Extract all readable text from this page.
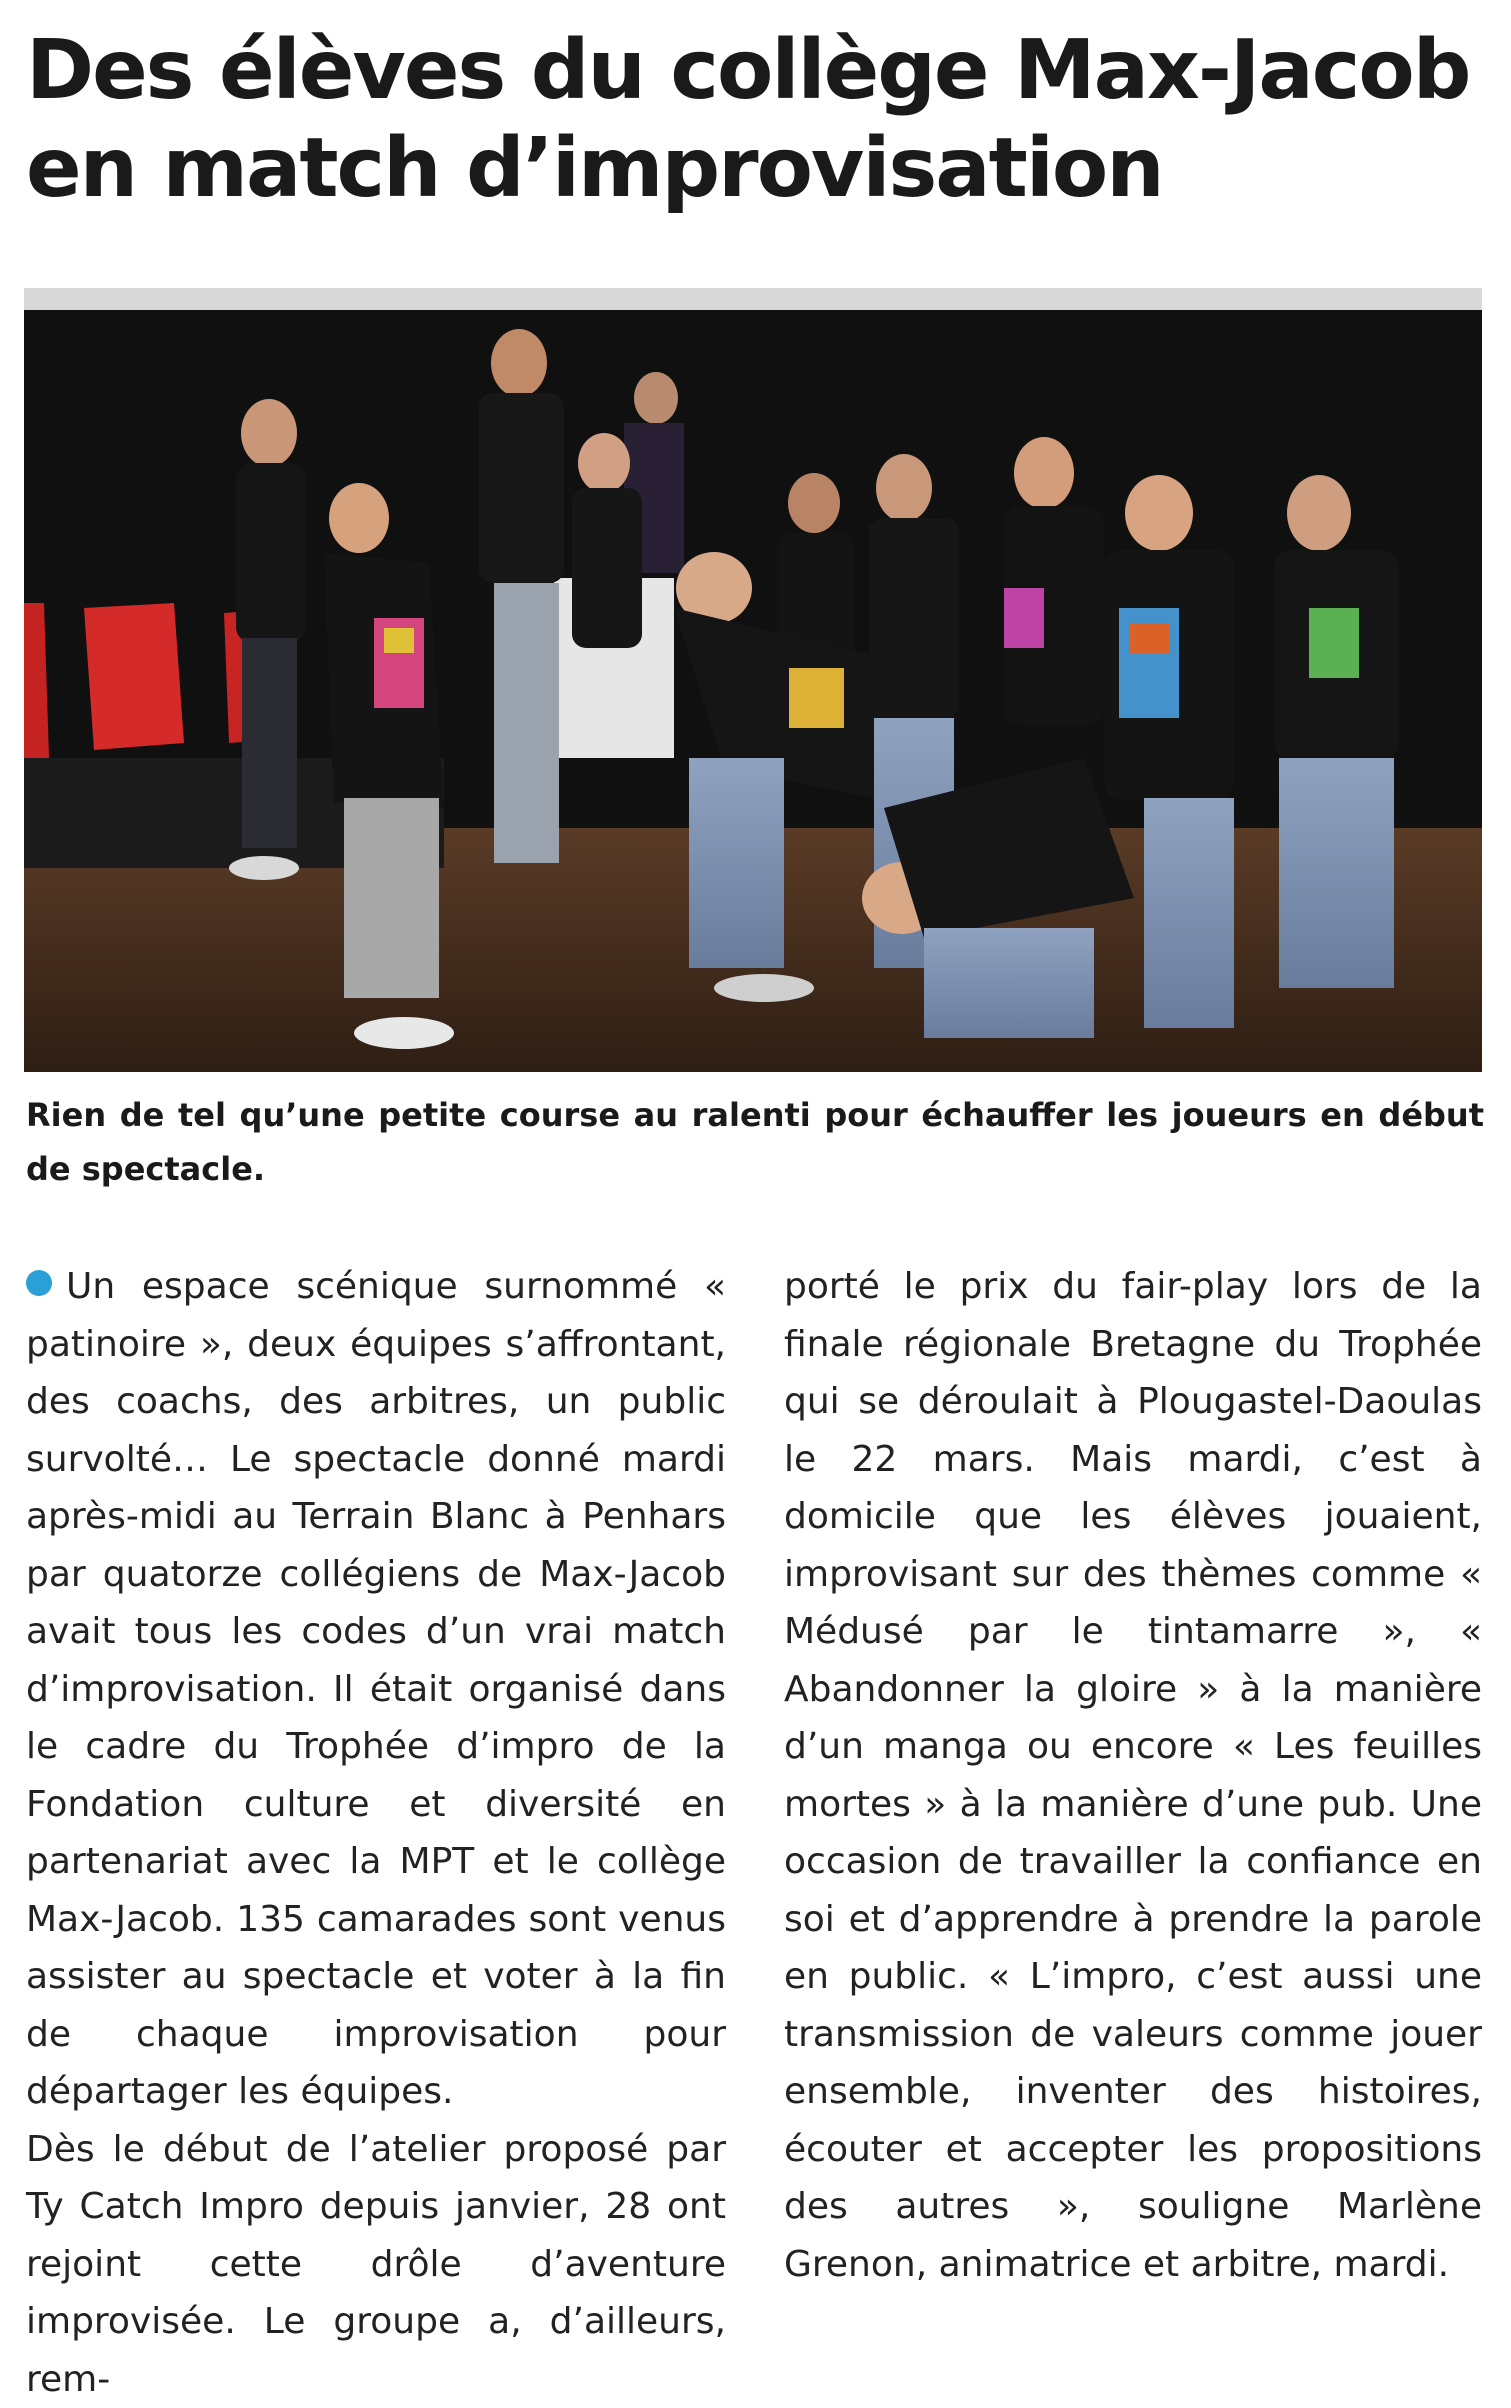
Des élèves du collège Max-Jacob
en match d’improvisation

Rien de tel qu’une petite course au ralenti pour échauffer les joueurs en début de spectacle.

Un espace scénique surnommé « patinoire », deux équipes s’affrontant, des coachs, des arbitres, un public survolté… Le spectacle donné mardi après-midi au Terrain Blanc à Penhars par quatorze collégiens de Max-Jacob avait tous les codes d’un vrai match d’improvisation. Il était organisé dans le cadre du Trophée d’impro de la Fondation culture et diversité en partenariat avec la MPT et le collège Max-Jacob. 135 camarades sont venus assister au spectacle et voter à la fin de chaque improvisation pour départager les équipes.

Dès le début de l’atelier proposé par Ty Catch Impro depuis janvier, 28 ont rejoint cette drôle d’aventure improvisée. Le groupe a, d’ailleurs, rem-

porté le prix du fair-play lors de la finale régionale Bretagne du Trophée qui se déroulait à Plougastel-Daoulas le 22 mars. Mais mardi, c’est à domicile que les élèves jouaient, improvisant sur des thèmes comme « Médusé par le tintamarre », « Abandonner la gloire » à la manière d’un manga ou encore « Les feuilles mortes » à la manière d’une pub. Une occasion de travailler la confiance en soi et d’apprendre à prendre la parole en public. « L’impro, c’est aussi une transmission de valeurs comme jouer ensemble, inventer des histoires, écouter et accepter les propositions des autres », souligne Marlène Grenon, animatrice et arbitre, mardi.
